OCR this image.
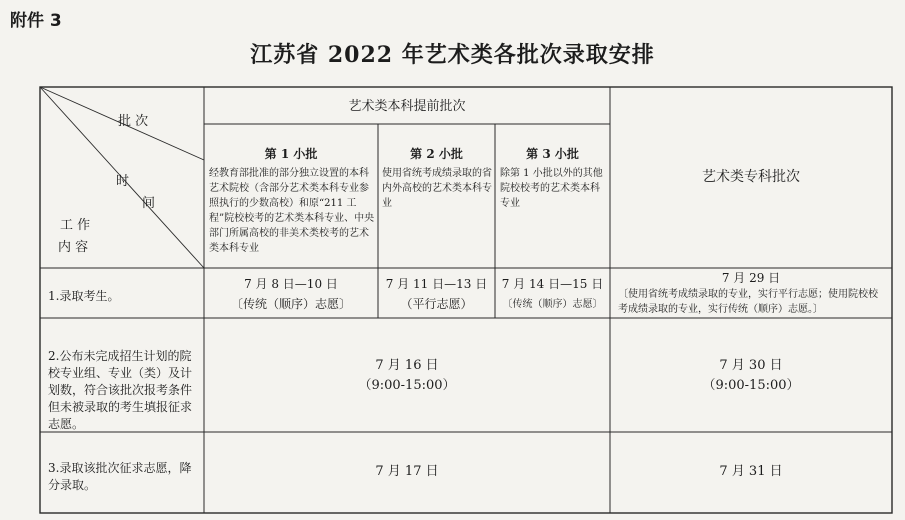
附件 3
江苏省 2022 年艺术类各批次录取安排
批 次
时
间
工 作
内 容
艺术类本科提前批次
第 1 小批
经教育部批准的部分独立设置的本科艺术院校（含部分艺术类本科专业参照执行的少数高校）和原“211 工程”院校校考的艺术类本科专业、中央部门所属高校的非美术类校考的艺术类本科专业
第 2 小批
使用省统考成绩录取的省内外高校的艺术类本科专业
第 3 小批
除第 1 小批以外的其他院校校考的艺术类本科专业
艺术类专科批次
1.录取考生。
7 月 8 日—10 日
〔传统（顺序）志愿〕
7 月 11 日—13 日
（平行志愿）
7 月 14 日—15 日
〔传统（顺序）志愿〕
7 月 29 日
〔使用省统考成绩录取的专业，实行平行志愿；使用院校校考成绩录取的专业，实行传统（顺序）志愿。〕
2.公布未完成招生计划的院校专业组、专业（类）及计划数，符合该批次报考条件但未被录取的考生填报征求志愿。
7 月 16 日
（9:00-15:00）
7 月 30 日
（9:00-15:00）
3.录取该批次征求志愿，降分录取。
7 月 17 日	7 月 31 日
